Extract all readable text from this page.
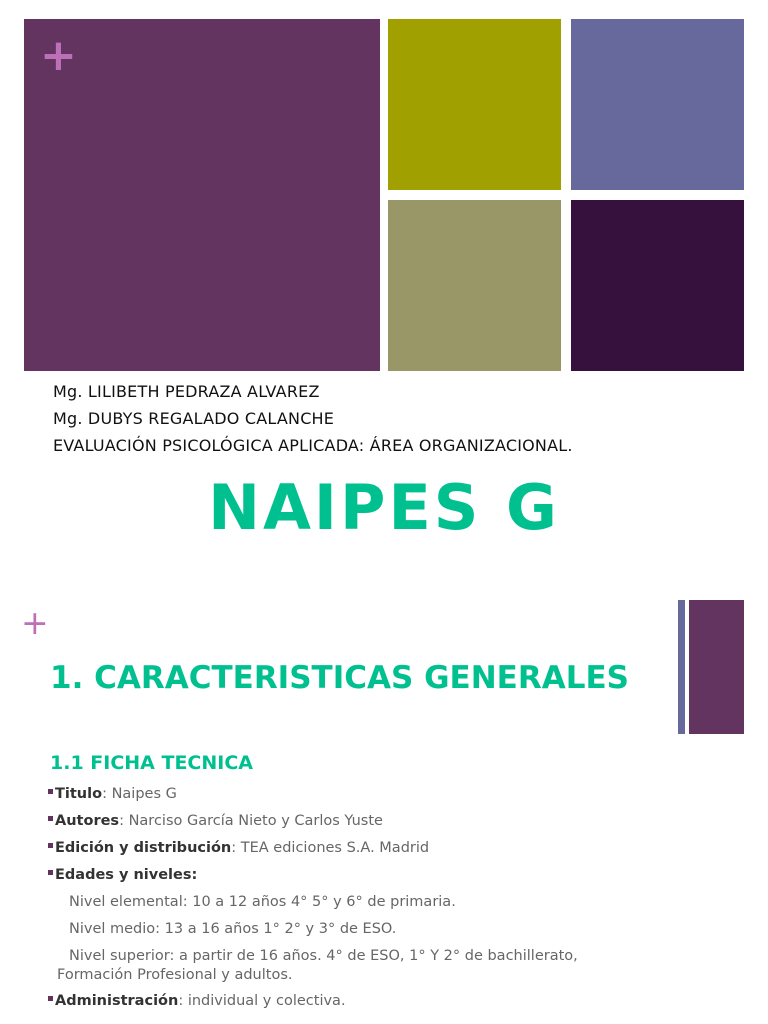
+
Mg. LILIBETH PEDRAZA ALVAREZ
Mg. DUBYS REGALADO CALANCHE
EVALUACIÓN PSICOLÓGICA APLICADA: ÁREA ORGANIZACIONAL.
NAIPES G
+
1. CARACTERISTICAS GENERALES
1.1 FICHA TECNICA
Titulo: Naipes G
Autores: Narciso García Nieto y Carlos Yuste
Edición y distribución: TEA ediciones S.A. Madrid
Edades y niveles:
Nivel elemental: 10 a 12 años 4° 5° y 6° de primaria.
Nivel medio: 13 a 16 años 1° 2° y 3° de ESO.
Nivel superior: a partir de 16 años. 4° de ESO, 1° Y 2° de bachillerato,
Formación Profesional y adultos.
Administración: individual y colectiva.
